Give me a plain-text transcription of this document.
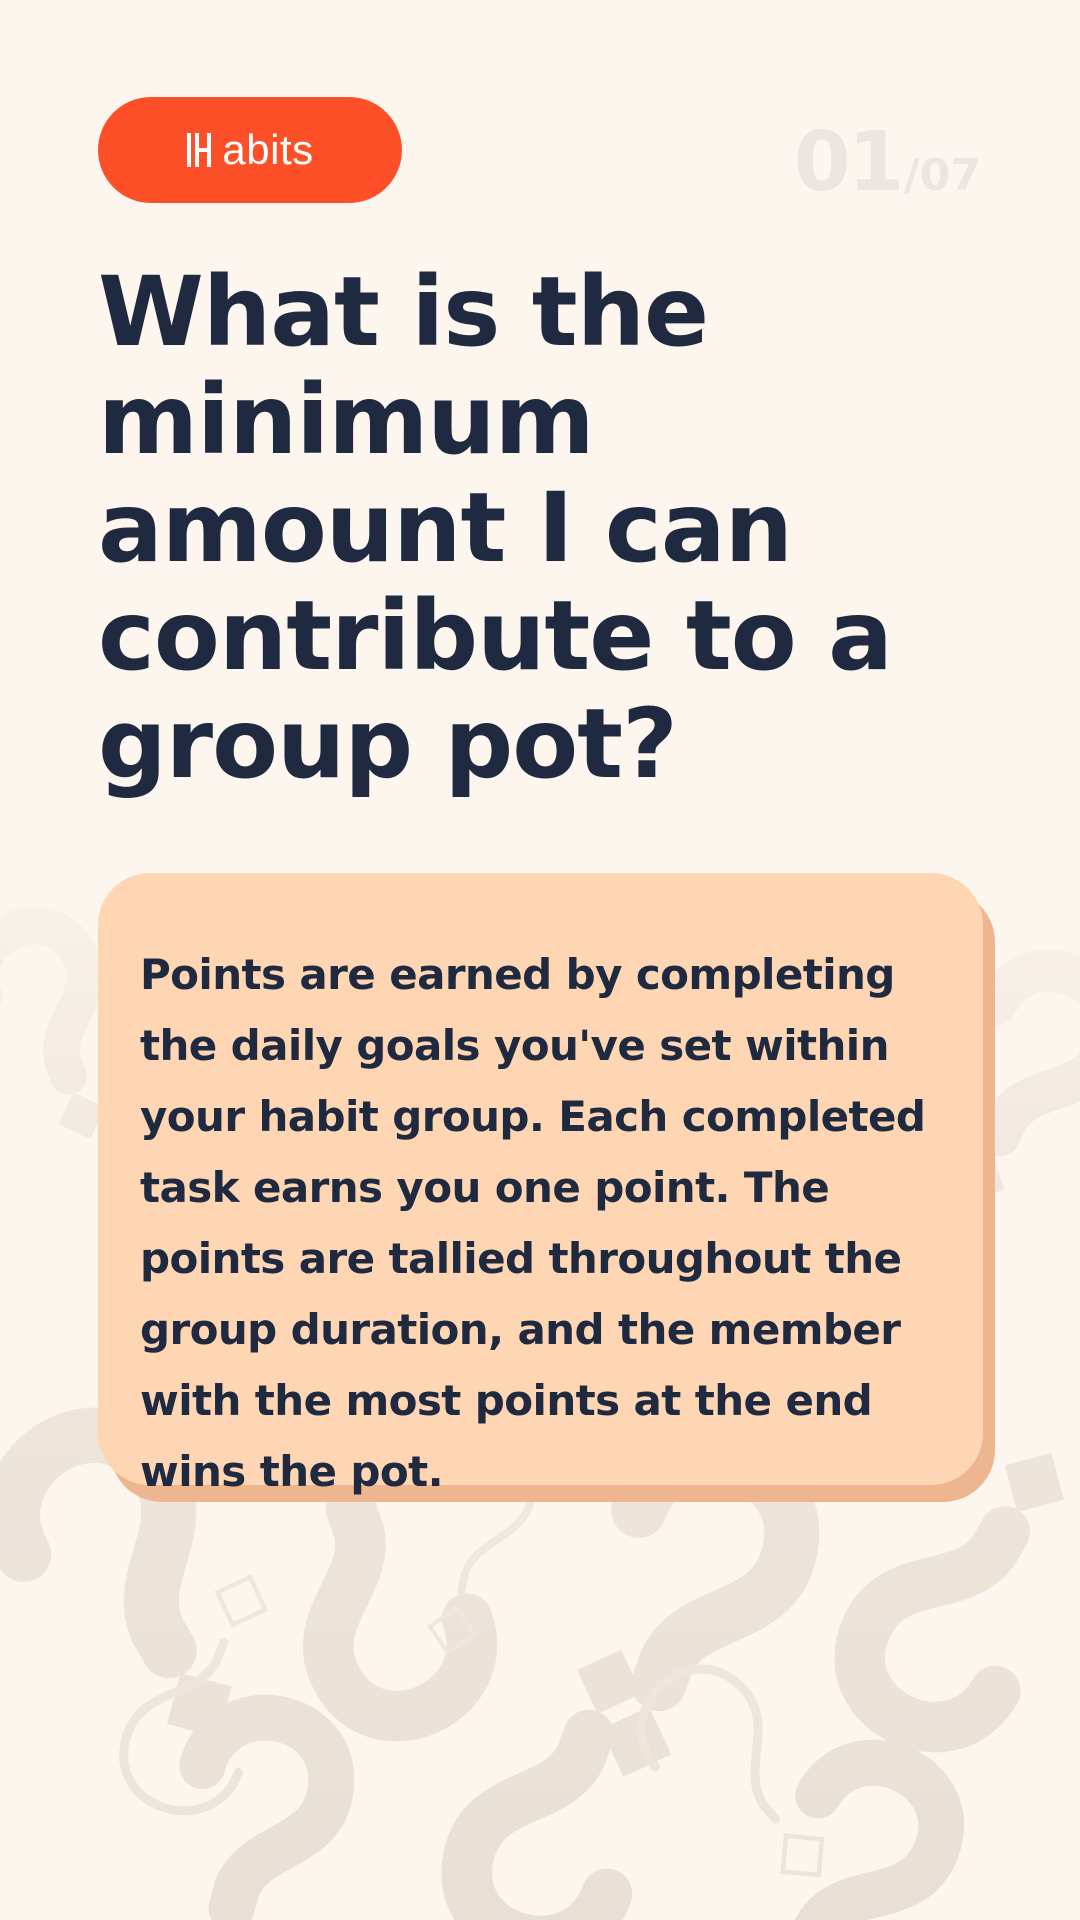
abits	01 /07
What is the minimum amount I can contribute to a group pot?

Points are earned by completing the daily goals you've set within your habit group. Each completed task earns you one point. The points are tallied throughout the group duration, and the member with the most points at the end wins the pot.
